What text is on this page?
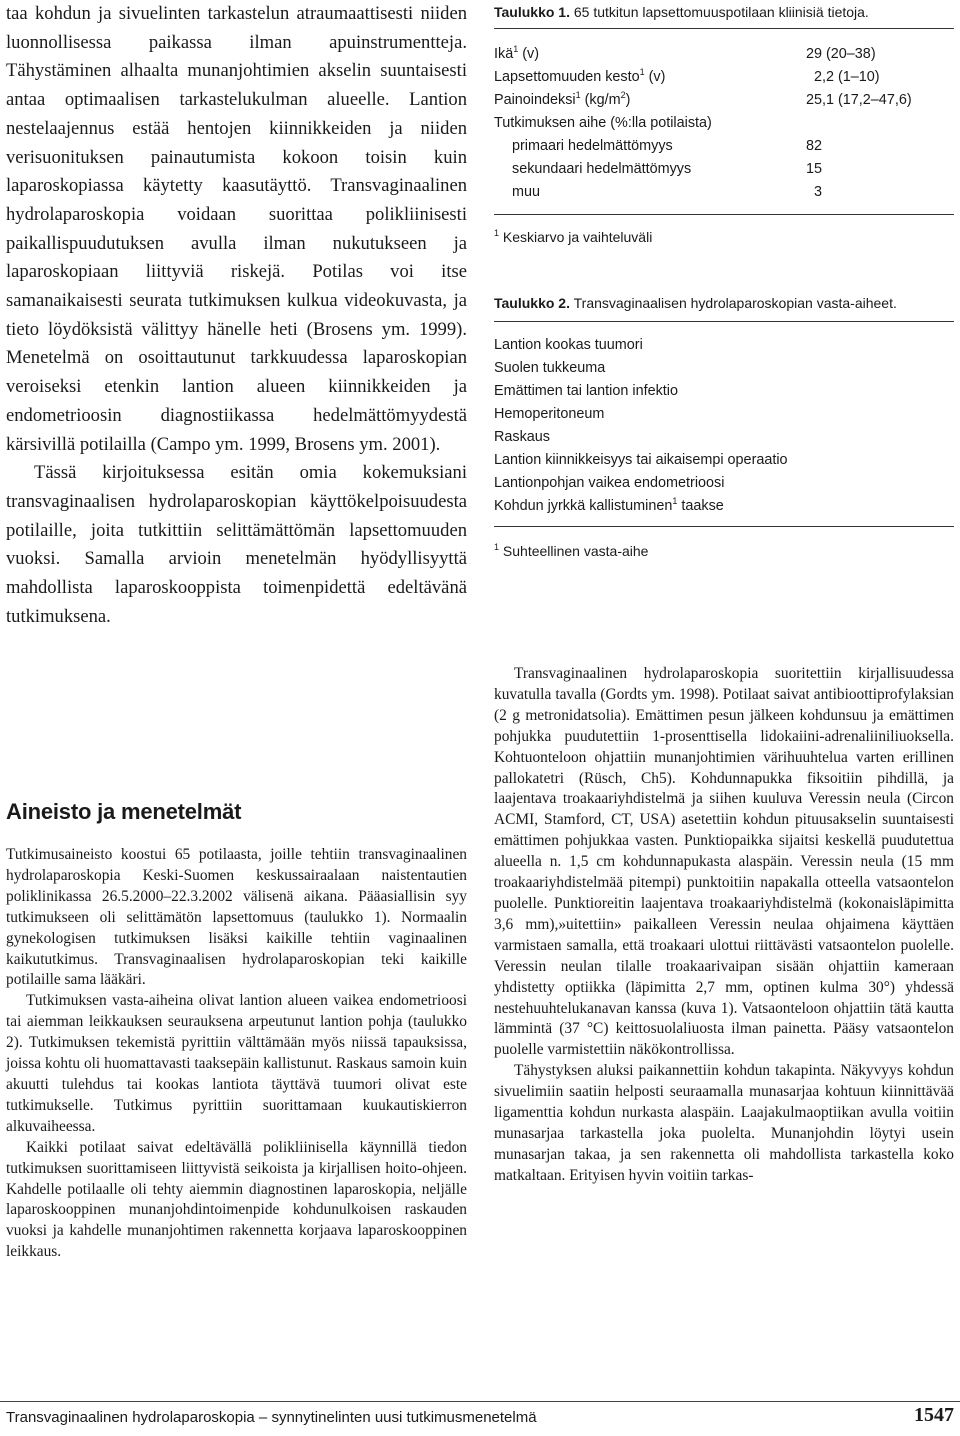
taa kohdun ja sivuelinten tarkastelun atraumaattisesti niiden luonnollisessa paikassa ilman apuinstrumentteja. Tähystäminen alhaalta munanjohtimien akselin suuntaisesti antaa optimaalisen tarkastelukulman alueelle. Lantion nestelaajennus estää hentojen kiinnikkeiden ja niiden verisuonituksen painautumista kokoon toisin kuin laparoskopiassa käytetty kaasutäyttö. Transvaginaalinen hydrolaparoskopia voidaan suorittaa polikliinisesti paikallispuudutuksen avulla ilman nukutukseen ja laparoskopiaan liittyviä riskejä. Potilas voi itse samanaikaisesti seurata tutkimuksen kulkua videokuvasta, ja tieto löydöksistä välittyy hänelle heti (Brosens ym. 1999). Menetelmä on osoittautunut tarkkuudessa laparoskopian veroiseksi etenkin lantion alueen kiinnikkeiden ja endometrioosin diagnostiikassa hedelmättömyydestä kärsivillä potilailla (Campo ym. 1999, Brosens ym. 2001).

Tässä kirjoituksessa esitän omia kokemuksiani transvaginaalisen hydrolaparoskopian käyttökelpoisuudesta potilaille, joita tutkittiin selittämättömän lapsettomuuden vuoksi. Samalla arvioin menetelmän hyödyllisyyttä mahdollista laparoskooppista toimenpidettä edeltävänä tutkimuksena.

Aineisto ja menetelmät

Tutkimusaineisto koostui 65 potilaasta, joille tehtiin transvaginaalinen hydrolaparoskopia Keski-Suomen keskussairaalaan naistentautien poliklinikassa 26.5.2000–22.3.2002 välisenä aikana. Pääasiallisin syy tutkimukseen oli selittämätön lapsettomuus (taulukko 1). Normaalin gynekologisen tutkimuksen lisäksi kaikille tehtiin vaginaalinen kaikututkimus. Transvaginaalisen hydrolaparoskopian teki kaikille potilaille sama lääkäri.

Tutkimuksen vasta-aiheina olivat lantion alueen vaikea endometrioosi tai aiemman leikkauksen seurauksena arpeutunut lantion pohja (taulukko 2). Tutkimuksen tekemistä pyrittiin välttämään myös niissä tapauksissa, joissa kohtu oli huomattavasti taaksepäin kallistunut. Raskaus samoin kuin akuutti tulehdus tai kookas lantiota täyttävä tuumori olivat este tutkimukselle. Tutkimus pyrittiin suorittamaan kuukautiskierron alkuvaiheessa.

Kaikki potilaat saivat edeltävällä polikliinisella käynnillä tiedon tutkimuksen suorittamiseen liittyvistä seikoista ja kirjallisen hoito-ohjeen. Kahdelle potilaalle oli tehty aiemmin diagnostinen laparoskopia, neljälle laparoskooppinen munanjohdintoimenpide kohdunulkoisen raskauden vuoksi ja kahdelle munanjohtimen rakennetta korjaava laparoskooppinen leikkaus.

Taulukko 1. 65 tutkitun lapsettomuuspotilaan kliinisiä tietoja.

Ikä$^1$ (v)	29 (20–38)
Lapsettomuuden kesto$^1$ (v)	2,2 (1–10)
Painoindeksi$^1$ $(kg/m^2)$	25,1 (17,2–47,6)
Tutkimuksen aihe (%:lla potilaista)
primaari hedelmättömyys	82
sekundaari hedelmättömyys	15
muu	3

$^1$ Keskiarvo ja vaihteluväli

Taulukko 2. Transvaginaalisen hydrolaparoskopian vasta-aiheet.

Lantion kookas tuumori
Suolen tukkeuma
Emättimen tai lantion infektio
Hemoperitoneum
Raskaus
Lantion kiinnikkeisyys tai aikaisempi operaatio
Lantionpohjan vaikea endometrioosi
Kohdun jyrkkä kallistuminen$^1$ taakse

$^1$ Suhteellinen vasta-aihe

Transvaginaalinen hydrolaparoskopia suoritettiin kirjallisuudessa kuvatulla tavalla (Gordts ym. 1998). Potilaat saivat antibioottiprofylaksian (2 g metronidatsolia). Emättimen pesun jälkeen kohdunsuu ja emättimen pohjukka puudutettiin 1-prosenttisella lidokaiini-adrenaliiniliuoksella. Kohtuonteloon ohjattiin munanjohtimien värihuuhtelua varten erillinen pallokatetri (Rüsch, Ch5). Kohdunnapukka fiksoitiin pihdillä, ja laajentava troakaariyhdistelmä ja siihen kuuluva Veressin neula (Circon ACMI, Stamford, CT, USA) asetettiin kohdun pituusakselin suuntaisesti emättimen pohjukkaa vasten. Punktiopaikka sijaitsi keskellä puudutettua alueella n. 1,5 cm kohdunnapukasta alaspäin. Veressin neula (15 mm troakaariyhdistelmää pitempi) punktoitiin napakalla otteella vatsaontelon puolelle. Punktioreitin laajentava troakaariyhdistelmä (kokonaisläpimitta 3,6 mm),»uitettiin» paikalleen Veressin neulaa ohjaimena käyttäen varmistaen samalla, että troakaari ulottui riittävästi vatsaontelon puolelle. Veressin neulan tilalle troakaarivaipan sisään ohjattiin kameraan yhdistetty optiikka (läpimitta 2,7 mm, optinen kulma 30°) yhdessä nestehuuhtelukanavan kanssa (kuva 1). Vatsaonteloon ohjattiin tätä kautta lämmintä (37 °C) keittosuolaliuosta ilman painetta. Pääsy vatsaontelon puolelle varmistettiin näkökontrollissa.

Tähystyksen aluksi paikannettiin kohdun takapinta. Näkyvyys kohdun sivuelimiin saatiin helposti seuraamalla munasarjaa kohtuun kiinnittävää ligamenttia kohdun nurkasta alaspäin. Laajakulmaoptiikan avulla voitiin munasarjaa tarkastella joka puolelta. Munanjohdin löytyi usein munasarjan takaa, ja sen rakennetta oli mahdollista tarkastella koko matkaltaan. Erityisen hyvin voitiin tarkas-

Transvaginaalinen hydrolaparoskopia – synnytinelinten uusi tutkimusmenetelmä	1547
